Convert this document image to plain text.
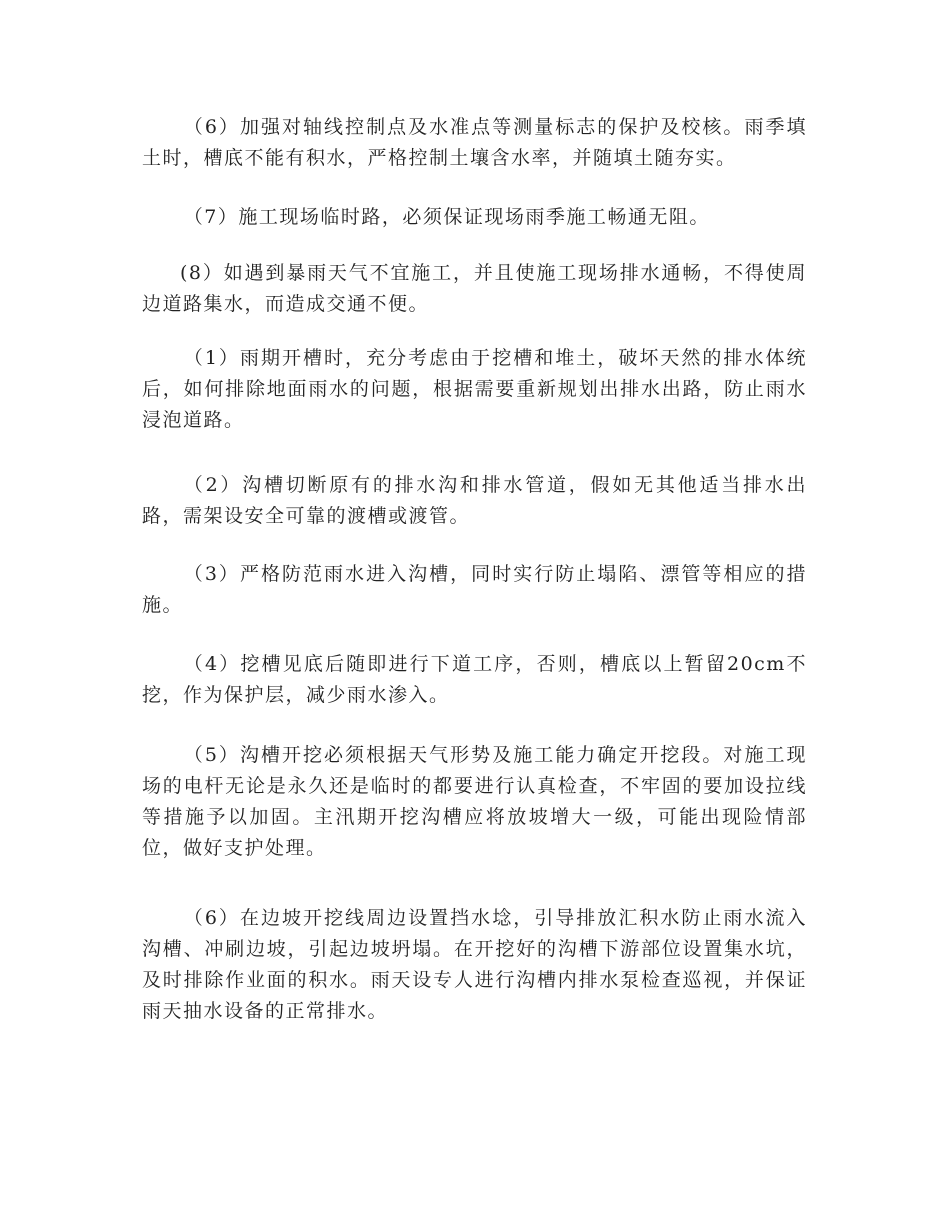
（6）加强对轴线控制点及水准点等测量标志的保护及校核。雨季填土时，槽底不能有积水，严格控制土壤含水率，并随填土随夯实。

（7）施工现场临时路，必须保证现场雨季施工畅通无阻。

(8）如遇到暴雨天气不宜施工，并且使施工现场排水通畅，不得使周边道路集水，而造成交通不便。

（1）雨期开槽时，充分考虑由于挖槽和堆土，破坏天然的排水体统后，如何排除地面雨水的问题，根据需要重新规划出排水出路，防止雨水浸泡道路。

（2）沟槽切断原有的排水沟和排水管道，假如无其他适当排水出路，需架设安全可靠的渡槽或渡管。

（3）严格防范雨水进入沟槽，同时实行防止塌陷、漂管等相应的措施。

（4）挖槽见底后随即进行下道工序，否则，槽底以上暂留20cm不挖，作为保护层，减少雨水渗入。

（5）沟槽开挖必须根据天气形势及施工能力确定开挖段。对施工现场的电杆无论是永久还是临时的都要进行认真检查，不牢固的要加设拉线等措施予以加固。主汛期开挖沟槽应将放坡增大一级，可能出现险情部位，做好支护处理。

（6）在边坡开挖线周边设置挡水埝，引导排放汇积水防止雨水流入沟槽、冲刷边坡，引起边坡坍塌。在开挖好的沟槽下游部位设置集水坑，及时排除作业面的积水。雨天设专人进行沟槽内排水泵检查巡视，并保证雨天抽水设备的正常排水。
